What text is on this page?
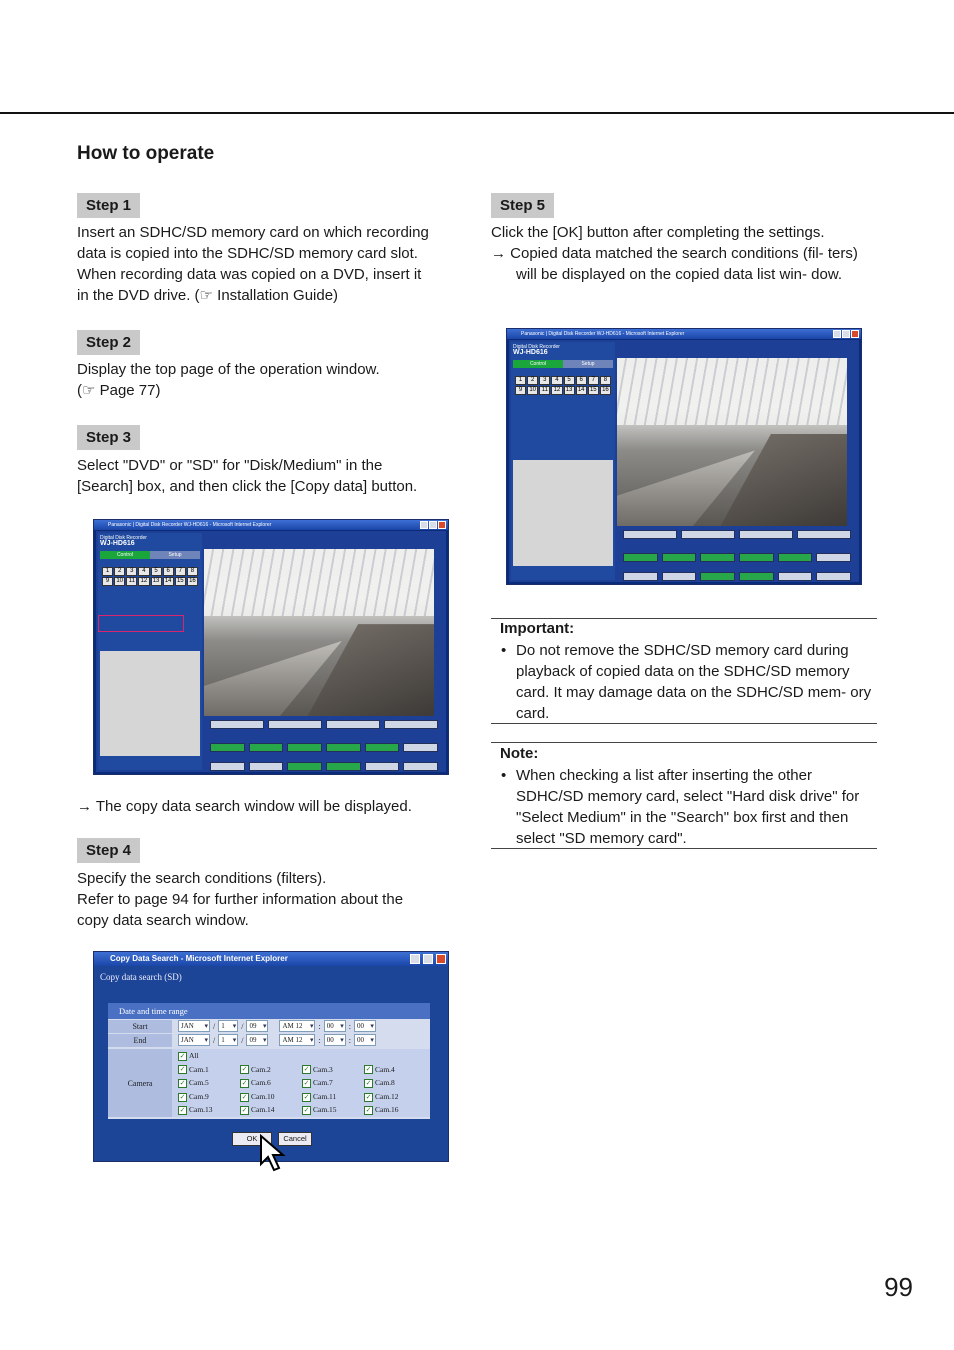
How to operate
Step 1

Insert an SDHC/SD memory card on which recording

data is copied into the SDHC/SD memory card slot.

When recording data was copied on a DVD, insert it

in the DVD drive. (☞ Installation Guide)

Step 2

Display the top page of the operation window.

(☞ Page 77)

Step 3

Select "DVD" or "SD" for "Disk/Medium" in the

[Search] box, and then click the [Copy data] button.

Panasonic | Digital Disk Recorder WJ-HD616 - Microsoft Internet Explorer
Digital Disk Recorder
WJ-HD616
Control	Setup
1	2	3	4	5	6	7	8
9	10 11 12 13 14 15 16
→ The copy data search window will be displayed.
Step 4

Specify the search conditions (filters).

Refer to page 94 for further information about the

copy data search window.

Copy Data Search - Microsoft Internet Explorer
Copy data search (SD)
Date and time range
Start	JAN ▾	/ 1 ▾	/ 09 ▾	AM 12 ▾	: 00 ▾	: 00 ▾
End	JAN ▾	/ 1 ▾	/ 09 ▾	AM 12 ▾	: 00 ▾	: 00 ▾
Camera
✓ All
✓ Cam.1	✓ Cam.2	✓ Cam.3	✓ Cam.4
✓ Cam.5	✓ Cam.6	✓ Cam.7	✓ Cam.8
✓ Cam.9	✓ Cam.10	✓ Cam.11	✓ Cam.12
✓ Cam.13	✓ Cam.14	✓ Cam.15	✓ Cam.16
OK	Cancel
Step 5

Click the [OK] button after completing the settings.

→ Copied data matched the search conditions (fil- ters) will be displayed on the copied data list win- dow.

Panasonic | Digital Disk Recorder WJ-HD616 - Microsoft Internet Explorer
Digital Disk Recorder
WJ-HD616
Control	Setup
1	2	3	4	5	6	7	8
9	10 11 12 13 14 15 16
Important:
• Do not remove the SDHC/SD memory card during playback of copied data on the SDHC/SD memory card. It may damage data on the SDHC/SD mem- ory card.
Note:
• When checking a list after inserting the other SDHC/SD memory card, select "Hard disk drive" for "Select Medium" in the "Search" box first and then select "SD memory card".
99
